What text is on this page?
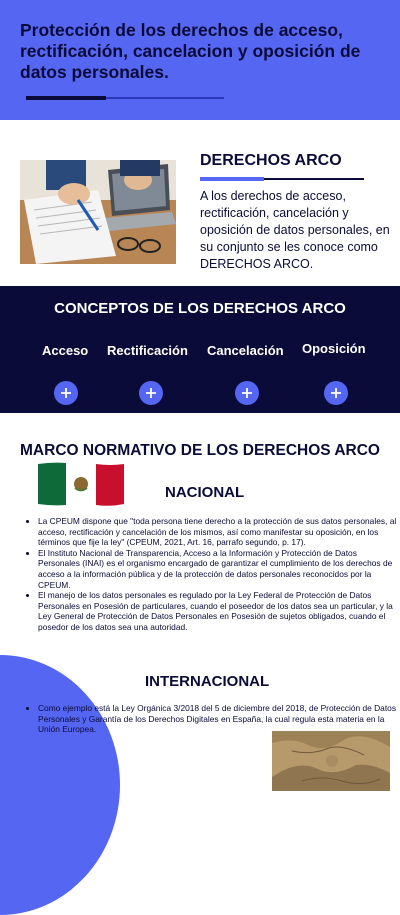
Protección de los derechos de acceso, rectificación, cancelacion y oposición de datos personales.
DERECHOS ARCO

A los derechos de acceso, rectificación, cancelación y oposición de datos personales, en su conjunto se les conoce como DERECHOS ARCO.

CONCEPTOS DE LOS DERECHOS ARCO
Acceso Rectificación Cancelación Oposición
MARCO NORMATIVO DE LOS DERECHOS ARCO
NACIONAL
• La CPEUM dispone que "toda persona tiene derecho a la protección de sus datos personales, al acceso, rectificación y cancelación de los mismos, así como manifestar su oposición, en los términos que fije la ley" (CPEUM, 2021, Art. 16, parrafo segundo, p. 17).
• El Instituto Nacional de Transparencia, Acceso a la Información y Protección de Datos Personales (INAI) es el organismo encargado de garantizar el cumplimiento de los derechos de acceso a la información pública y de la protección de datos personales reconocidos por la CPEUM.
• El manejo de los datos personales es regulado por la Ley Federal de Protección de Datos Personales en Posesión de particulares, cuando el poseedor de los datos sea un particular, y la Ley General de Protección de Datos Personales en Posesión de sujetos obligados, cuando el posedor de los datos sea una autoridad.
INTERNACIONAL
• Como ejemplo está la Ley Orgánica 3/2018 del 5 de diciembre del 2018, de Protección de Datos Personales y Garantía de los Derechos Digitales en España, la cual regula esta materia en la Unión Europea.
